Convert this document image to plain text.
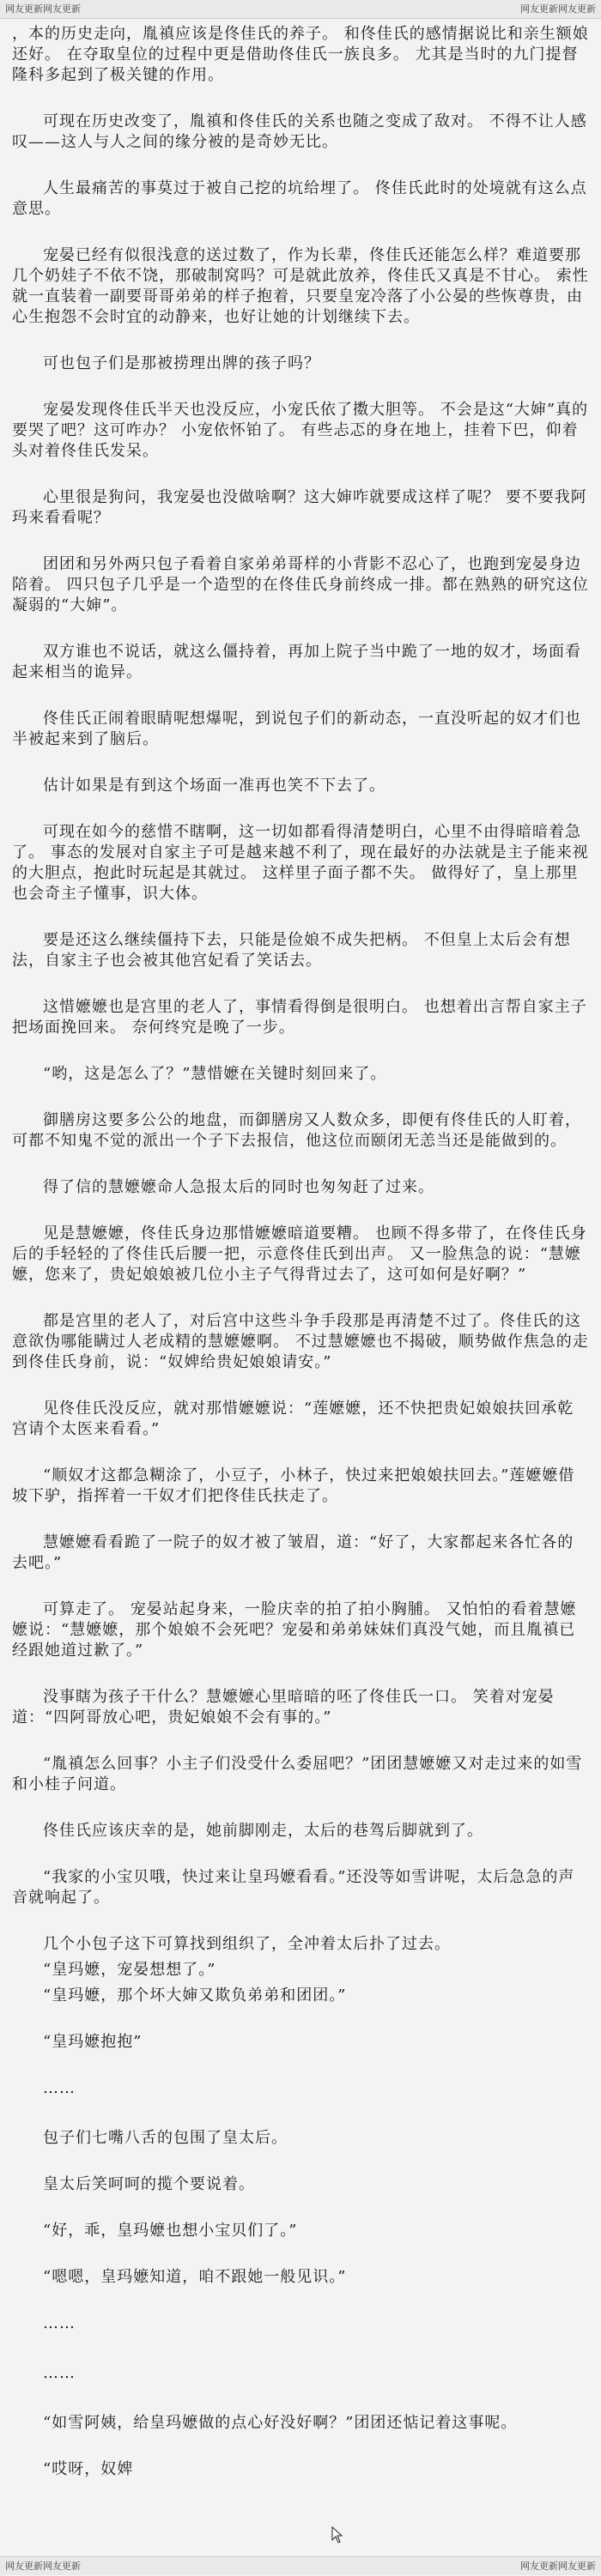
网友更新网友更新	网友更新网友更新

，本的历史走向，胤禛应该是佟佳氏的养子。 和佟佳氏的感情据说比和亲生额娘还好。 在夺取皇位的过程中更是借助佟佳氏一族良多。 尤其是当时的九门提督隆科多起到了极关键的作用。

可现在历史改变了，胤禛和佟佳氏的关系也随之变成了敌对。 不得不让人感叹——这人与人之间的缘分被的是奇妙无比。

人生最痛苦的事莫过于被自己挖的坑给埋了。 佟佳氏此时的处境就有这么点意思。

宠晏已经有似很浅意的送过数了，作为长辈，佟佳氏还能怎么样？难道要那几个奶娃子不依不饶，那破制窝吗？可是就此放养，佟佳氏又真是不甘心。 索性就一直装着一副要哥哥弟弟的样子抱着，只要皇宠冷落了小公晏的些恢尊贵，由心生抱怨不会时宜的动静来，也好让她的计划继续下去。

可也包子们是那被捞理出牌的孩子吗？

宠晏发现佟佳氏半天也没反应，小宠氏依了擞大胆等。 不会是这“大婶”真的要哭了吧？这可咋办？ 小宠依怀铂了。 有些忐忑的身在地上，挂着下巴，仰着头对着佟佳氏发呆。

心里很是狗问，我宠晏也没做啥啊？这大婶咋就要成这样了呢？ 要不要我阿玛来看看呢？

团团和另外两只包子看着自家弟弟哥样的小背影不忍心了，也跑到宠晏身边陪着。 四只包子几乎是一个造型的在佟佳氏身前终成一排。都在熟熟的研究这位凝弱的“大婶”。

双方谁也不说话，就这么僵持着，再加上院子当中跪了一地的奴才，场面看起来相当的诡异。

佟佳氏正闹着眼睛呢想爆呢，到说包子们的新动态，一直没听起的奴才们也半被起来到了脑后。

估计如果是有到这个场面一准再也笑不下去了。

可现在如今的慈惜不瞎啊，这一切如都看得清楚明白，心里不由得暗暗着急了。 事态的发展对自家主子可是越来越不利了，现在最好的办法就是主子能来视的大胆点，抱此时玩起是其就过。 这样里子面子都不失。 做得好了，皇上那里也会奇主子懂事，识大体。

要是还这么继续僵持下去，只能是俭娘不成失把柄。 不但皇上太后会有想法，自家主子也会被其他宫妃看了笑话去。

这惜嬷嬷也是宫里的老人了，事情看得倒是很明白。 也想着出言帮自家主子把场面挽回来。 奈何终究是晚了一步。

“哟，这是怎么了？”慧惜嬷在关键时刻回来了。

御膳房这要多公公的地盘，而御膳房又人数众多，即便有佟佳氏的人盯着，可都不知鬼不觉的派出一个子下去报信，他这位而颐闭无恙当还是能做到的。

得了信的慧嬷嬷命人急报太后的同时也匆匆赶了过来。

见是慧嬷嬷，佟佳氏身边那惜嬷嬷暗道要糟。 也顾不得多带了，在佟佳氏身后的手轻轻的了佟佳氏后腰一把，示意佟佳氏到出声。 又一脸焦急的说：“慧嬷嬷，您来了，贵妃娘娘被几位小主子气得背过去了，这可如何是好啊？”

都是宫里的老人了，对后宫中这些斗争手段那是再清楚不过了。佟佳氏的这意欲伪哪能瞒过人老成精的慧嬷嬷啊。 不过慧嬷嬷也不揭破，顺势做作焦急的走到佟佳氏身前，说：“奴婢给贵妃娘娘请安。”

见佟佳氏没反应，就对那惜嬷嬷说：“莲嬷嬷，还不快把贵妃娘娘扶回承乾宫请个太医来看看。”

“顺奴才这都急糊涂了，小豆子，小林子，快过来把娘娘扶回去。”莲嬷嬷借坡下驴，指挥着一干奴才们把佟佳氏扶走了。

慧嬷嬷看看跪了一院子的奴才被了皱眉，道：“好了，大家都起来各忙各的去吧。”

可算走了。 宠晏站起身来，一脸庆幸的拍了拍小胸脯。 又怕怕的看着慧嬷嬷说：“慧嬷嬷，那个娘娘不会死吧？宠晏和弟弟妹妹们真没气她，而且胤禛已经跟她道过歉了。”

没事瞎为孩子干什么？慧嬷嬷心里暗暗的呸了佟佳氏一口。 笑着对宠晏道：“四阿哥放心吧，贵妃娘娘不会有事的。”

“胤禛怎么回事？小主子们没受什么委屈吧？”团团慧嬷嬷又对走过来的如雪和小桂子问道。

佟佳氏应该庆幸的是，她前脚刚走，太后的巷驾后脚就到了。

“我家的小宝贝哦，快过来让皇玛嬷看看。”还没等如雪讲呢，太后急急的声音就响起了。

几个小包子这下可算找到组织了，全冲着太后扑了过去。

“皇玛嬷，宠晏想想了。”

“皇玛嬷，那个坏大婶又欺负弟弟和团团。”

“皇玛嬷抱抱”

……

包子们七嘴八舌的包围了皇太后。

皇太后笑呵呵的揽个要说着。

“好，乖，皇玛嬷也想小宝贝们了。”

“嗯嗯，皇玛嬷知道，咱不跟她一般见识。”

……

……

“如雪阿姨，给皇玛嬷做的点心好没好啊？”团团还惦记着这事呢。

“哎呀，奴婢

网友更新网友更新	网友更新网友更新
